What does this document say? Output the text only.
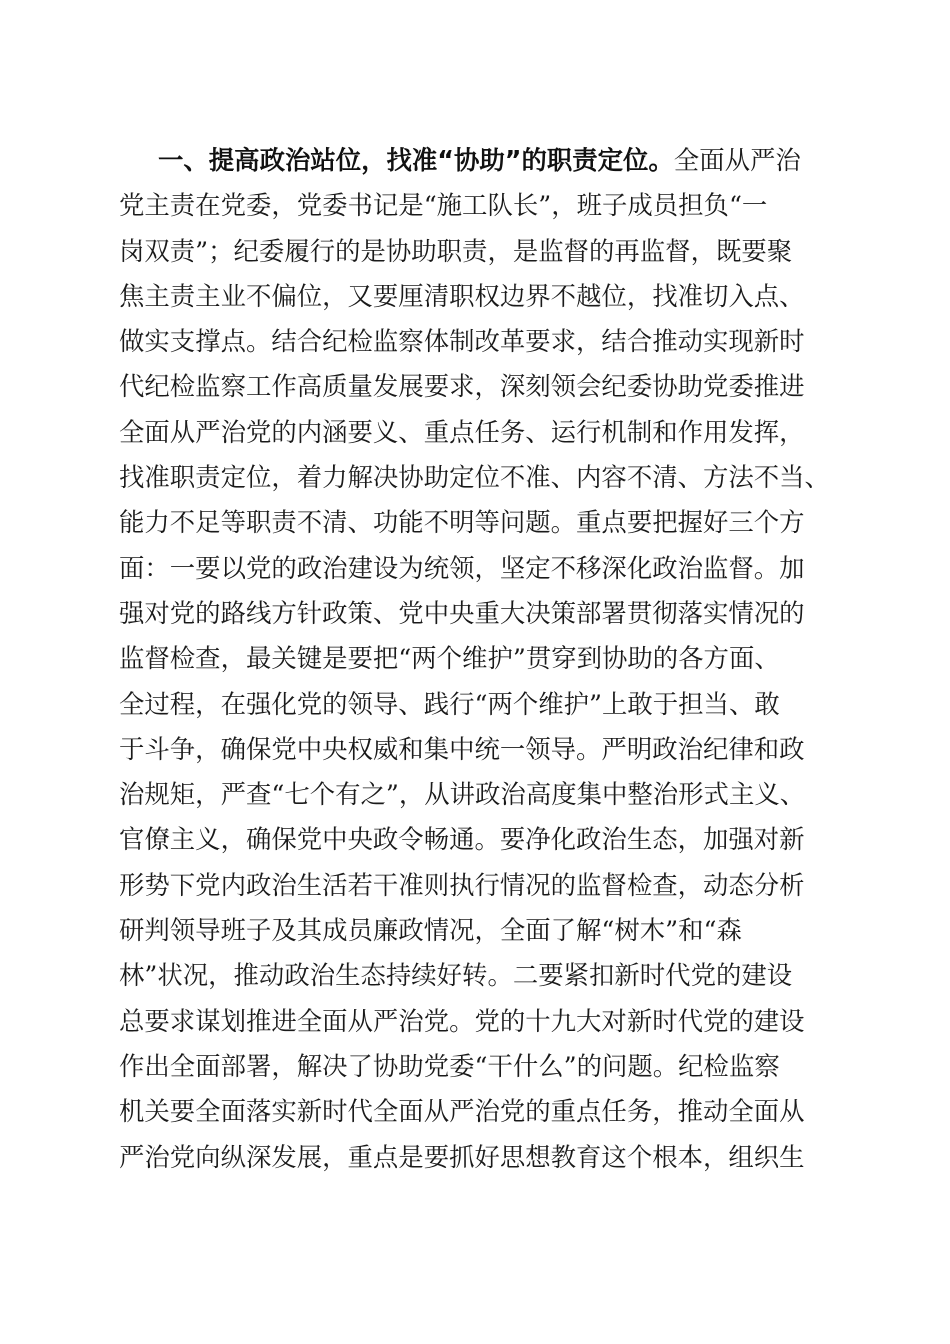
一、提高政治站位，找准“协助”的职责定位。全面从严治
党主责在党委，党委书记是“施工队长”，班子成员担负“一
岗双责”；纪委履行的是协助职责，是监督的再监督，既要聚
焦主责主业不偏位，又要厘清职权边界不越位，找准切入点、
做实支撑点。结合纪检监察体制改革要求，结合推动实现新时
代纪检监察工作高质量发展要求，深刻领会纪委协助党委推进
全面从严治党的内涵要义、重点任务、运行机制和作用发挥，
找准职责定位，着力解决协助定位不准、内容不清、方法不当、
能力不足等职责不清、功能不明等问题。重点要把握好三个方
面：一要以党的政治建设为统领，坚定不移深化政治监督。加
强对党的路线方针政策、党中央重大决策部署贯彻落实情况的
监督检查，最关键是要把“两个维护”贯穿到协助的各方面、
全过程，在强化党的领导、践行“两个维护”上敢于担当、敢
于斗争，确保党中央权威和集中统一领导。严明政治纪律和政
治规矩，严查“七个有之”，从讲政治高度集中整治形式主义、
官僚主义，确保党中央政令畅通。要净化政治生态，加强对新
形势下党内政治生活若干准则执行情况的监督检查，动态分析
研判领导班子及其成员廉政情况，全面了解“树木”和“森
林”状况，推动政治生态持续好转。二要紧扣新时代党的建设
总要求谋划推进全面从严治党。党的十九大对新时代党的建设
作出全面部署，解决了协助党委“干什么”的问题。纪检监察
机关要全面落实新时代全面从严治党的重点任务，推动全面从
严治党向纵深发展，重点是要抓好思想教育这个根本，组织生
